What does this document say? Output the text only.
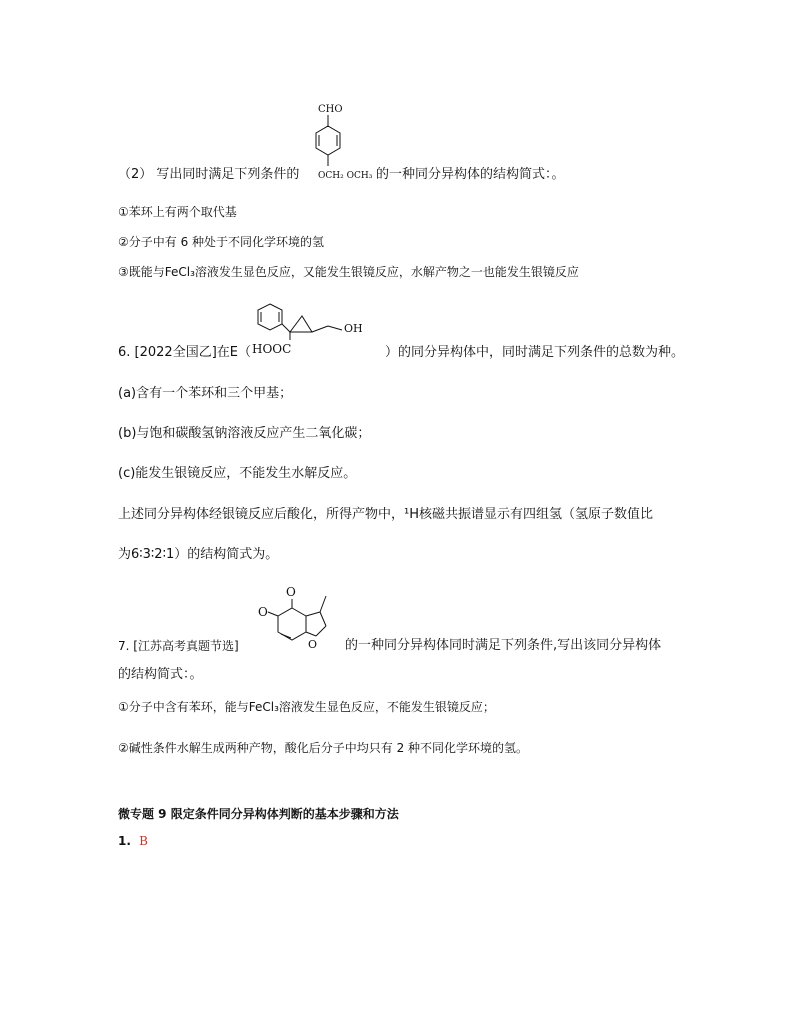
（2） 写出同时满足下列条件的
CHO
OCH₂ OCH₃ 的一种同分异构体的结构简式：。
①苯环上有两个取代基
②分子中有 6 种处于不同化学环境的氢
③既能与FeCl₃溶液发生显色反应，又能发生银镜反应，水解产物之一也能发生银镜反应
6. [2022全国乙]在E（
OH
HOOC	）的同分异构体中，同时满足下列条件的总数为种。
(a)含有一个苯环和三个甲基；
(b)与饱和碳酸氢钠溶液反应产生二氧化碳；
(c)能发生银镜反应，不能发生水解反应。
上述同分异构体经银镜反应后酸化，所得产物中，¹H核磁共振谱显示有四组氢（氢原子数值比
为6∶3∶2∶1）的结构简式为。
7. [江苏高考真题节选]
O
O
O 的一种同分异构体同时满足下列条件,写出该同分异构体
的结构简式：。
①分子中含有苯环，能与FeCl₃溶液发生显色反应，不能发生银镜反应；
②碱性条件水解生成两种产物，酸化后分子中均只有 2 种不同化学环境的氢。
微专题 9 限定条件同分异构体判断的基本步骤和方法
1. B
